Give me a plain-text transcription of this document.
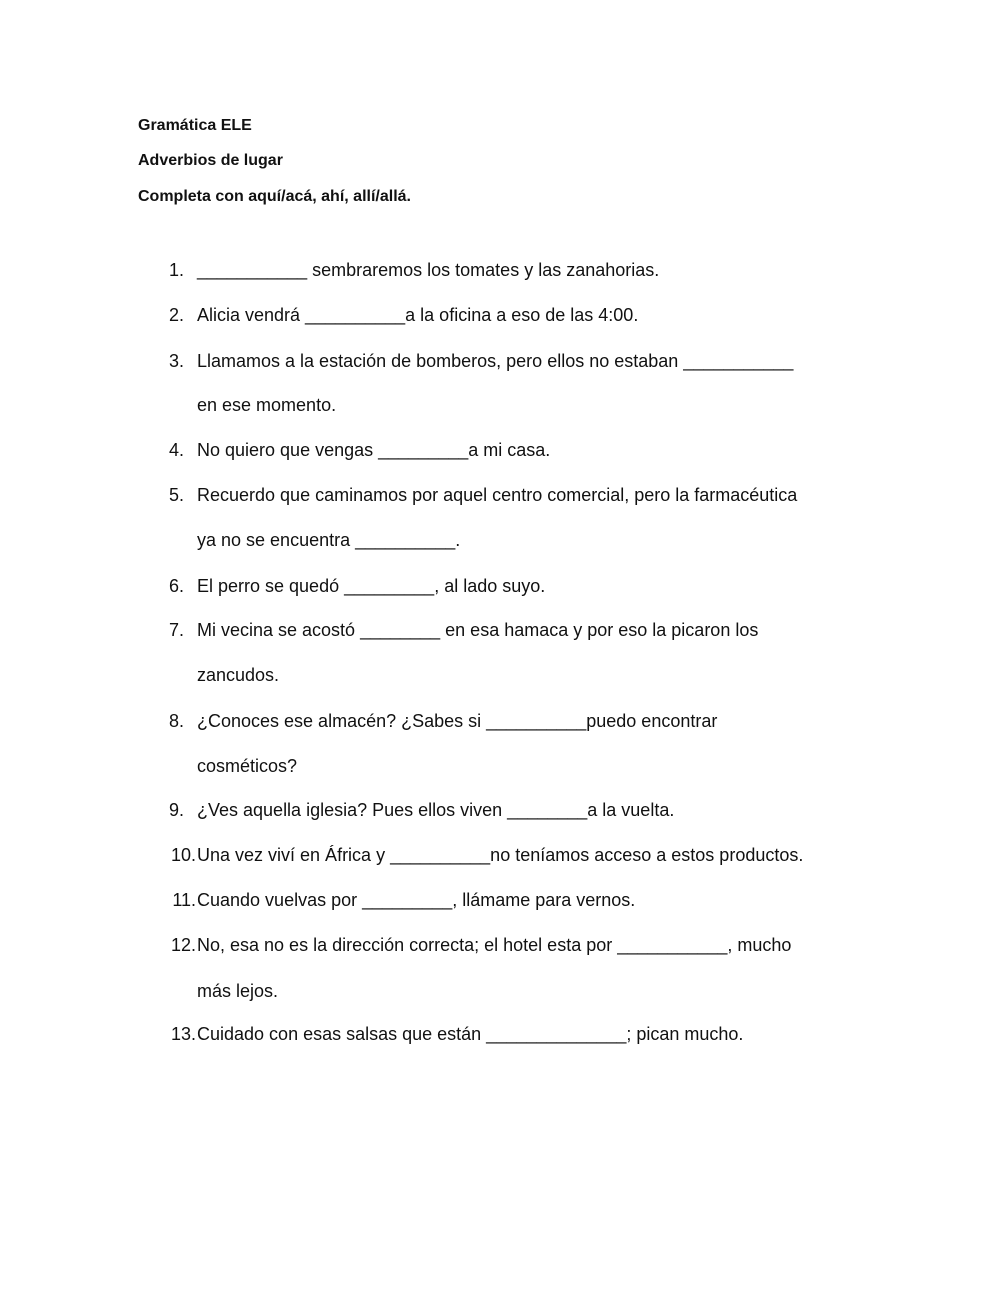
Gramática ELE
Adverbios de lugar
Completa con aquí/acá, ahí, allí/allá.
1. ___________ sembraremos los tomates y las zanahorias.
2. Alicia vendrá __________a la oficina a eso de las 4:00.
3. Llamamos a la estación de bomberos, pero ellos no estaban ___________
en ese momento.
4. No quiero que vengas _________a mi casa.
5. Recuerdo que caminamos por aquel centro comercial, pero la farmacéutica
ya no se encuentra __________.
6. El perro se quedó _________, al lado suyo.
7. Mi vecina se acostó ________ en esa hamaca y por eso la picaron los
zancudos.
8. ¿Conoces ese almacén? ¿Sabes si __________puedo encontrar
cosméticos?
9. ¿Ves aquella iglesia? Pues ellos viven ________a la vuelta.
10. Una vez viví en África y __________no teníamos acceso a estos productos.
11. Cuando vuelvas por _________, llámame para vernos.
12. No, esa no es la dirección correcta; el hotel esta por ___________, mucho
más lejos.
13. Cuidado con esas salsas que están ______________; pican mucho.
